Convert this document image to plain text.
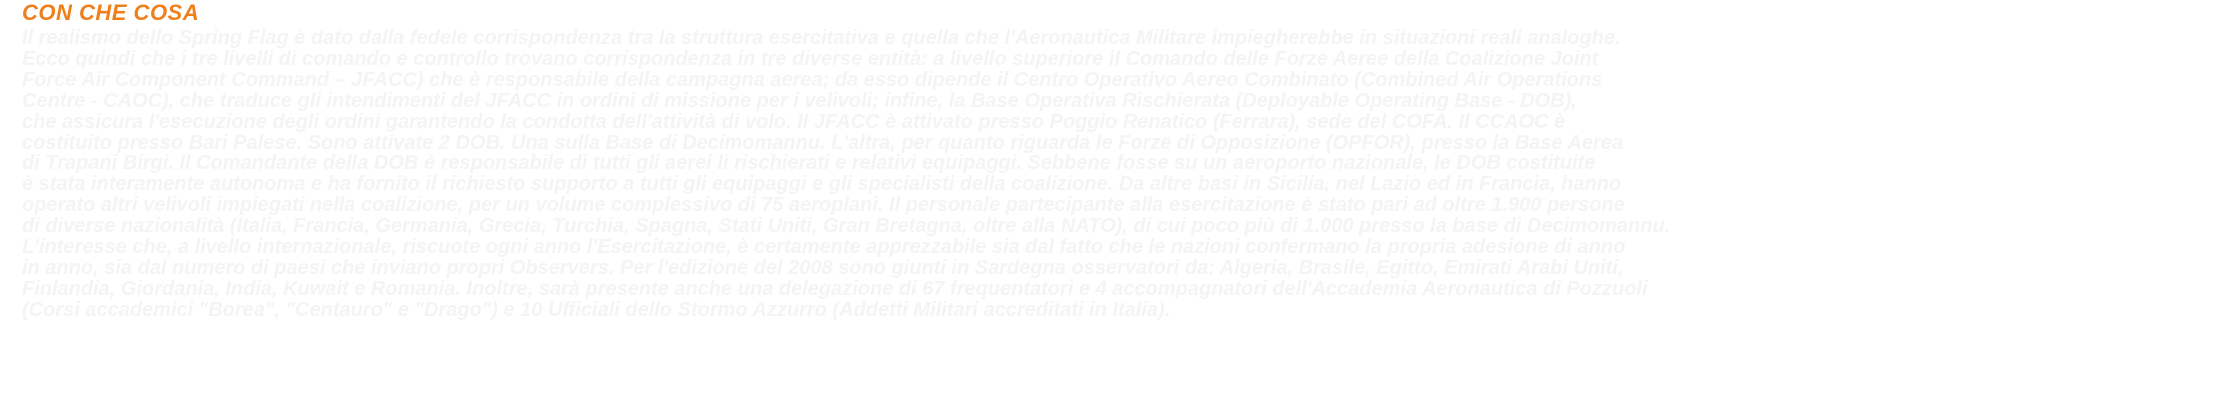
CON CHE COSA
Il realismo dello Spring Flag è dato dalla fedele corrispondenza tra la struttura esercitativa e quella che l'Aeronautica Militare impiegherebbe in situazioni reali analoghe.
Ecco quindi che i tre livelli di comando e controllo trovano corrispondenza in tre diverse entità: a livello superiore il Comando delle Forze Aeree della Coalizione Joint
Force Air Component Command – JFACC) che è responsabile della campagna aerea; da esso dipende il Centro Operativo Aereo Combinato (Combined Air Operations
Centre - CAOC), che traduce gli intendimenti del JFACC in ordini di missione per i velivoli; infine, la Base Operativa Rischierata (Deployable Operating Base - DOB),
che assicura l'esecuzione degli ordini garantendo la condotta dell'attività di volo. Il JFACC è attivato presso Poggio Renatico (Ferrara), sede del COFA. Il CCAOC è
costituito presso Bari Palese. Sono attivate 2 DOB. Una sulla Base di Decimomannu. L'altra, per quanto riguarda le Forze di Opposizione (OPFOR), presso la Base Aerea
di Trapani Birgi. Il Comandante della DOB è responsabile di tutti gli aerei li rischierati e relativi equipaggi. Sebbene fosse su un aeroporto nazionale, le DOB costituite
è stata interamente autonoma e ha fornito il richiesto supporto a tutti gli equipaggi e gli specialisti della coalizione. Da altre basi in Sicilia, nel Lazio ed in Francia, hanno
operato altri velivoli impiegati nella coalizione, per un volume complessivo di 75 aeroplani. Il personale partecipante alla esercitazione è stato pari ad oltre 1.900 persone
di diverse nazionalità (Italia, Francia, Germania, Grecia, Turchia, Spagna, Stati Uniti, Gran Bretagna, oltre alla NATO), di cui poco più di 1.000 presso la base di Decimomannu.
L'interesse che, a livello internazionale, riscuote ogni anno l'Esercitazione, è certamente apprezzabile sia dal fatto che le nazioni confermano la propria adesione di anno
in anno, sia dal numero di paesi che inviano propri Observers. Per l'edizione del 2008 sono giunti in Sardegna osservatori da: Algeria, Brasile, Egitto, Emirati Arabi Uniti,
Finlandia, Giordania, India, Kuwait e Romania. Inoltre, sarà presente anche una delegazione di 67 frequentatori e 4 accompagnatori dell'Accademia Aeronautica di Pozzuoli
(Corsi accademici "Borea", "Centauro" e "Drago") e 10 Ufficiali dello Stormo Azzurro (Addetti Militari accreditati in Italia).
